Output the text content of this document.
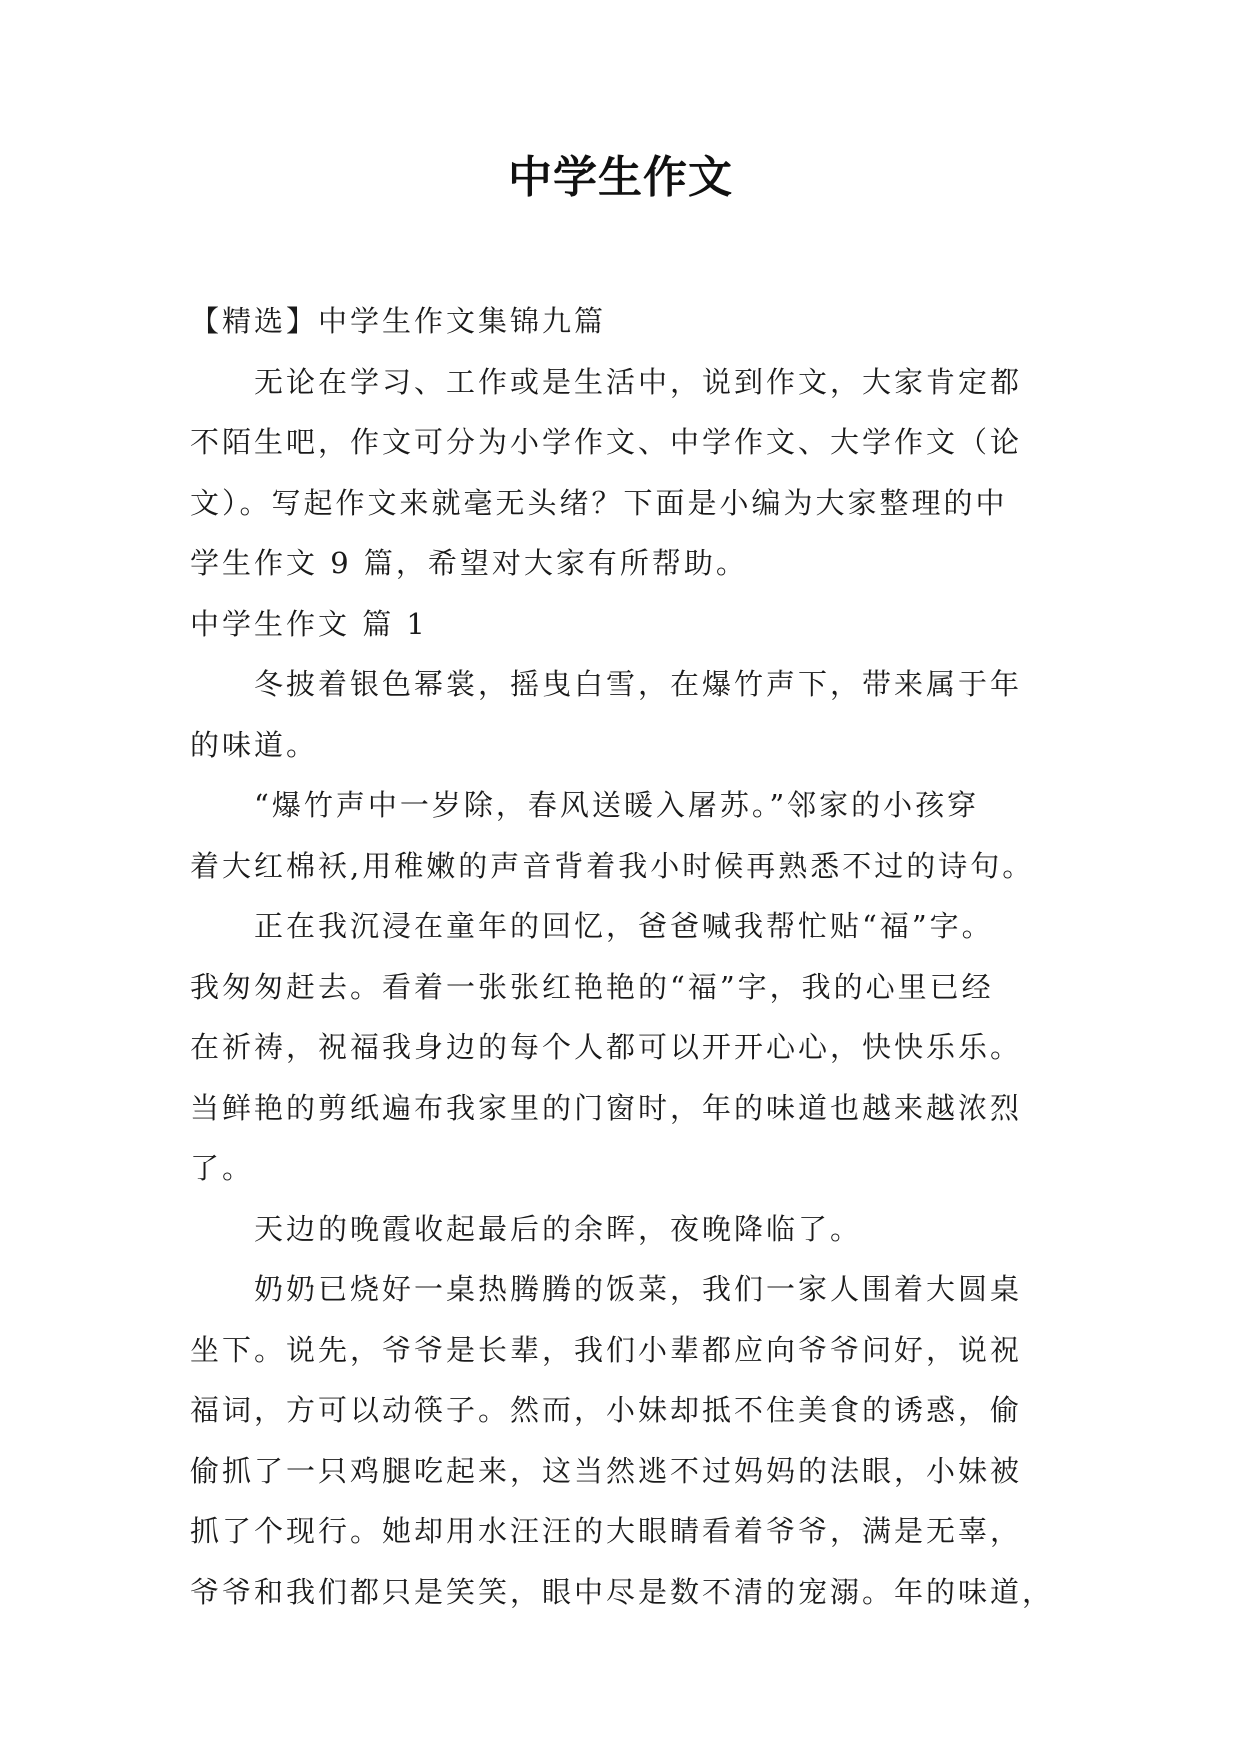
中学生作文
【精选】中学生作文集锦九篇
无论在学习、工作或是生活中，说到作文，大家肯定都
不陌生吧，作文可分为小学作文、中学作文、大学作文（论
文）。写起作文来就毫无头绪？下面是小编为大家整理的中
学生作文 9 篇，希望对大家有所帮助。
中学生作文 篇 1
冬披着银色幂裳，摇曳白雪，在爆竹声下，带来属于年
的味道。
“爆竹声中一岁除，春风送暖入屠苏。”邻家的小孩穿
着大红棉袄,用稚嫩的声音背着我小时候再熟悉不过的诗句。
正在我沉浸在童年的回忆，爸爸喊我帮忙贴“福”字。
我匆匆赶去。看着一张张红艳艳的“福”字，我的心里已经
在祈祷，祝福我身边的每个人都可以开开心心，快快乐乐。
当鲜艳的剪纸遍布我家里的门窗时，年的味道也越来越浓烈
了。
天边的晚霞收起最后的余晖，夜晚降临了。
奶奶已烧好一桌热腾腾的饭菜，我们一家人围着大圆桌
坐下。说先，爷爷是长辈，我们小辈都应向爷爷问好，说祝
福词，方可以动筷子。然而，小妹却抵不住美食的诱惑，偷
偷抓了一只鸡腿吃起来，这当然逃不过妈妈的法眼，小妹被
抓了个现行。她却用水汪汪的大眼睛看着爷爷，满是无辜，
爷爷和我们都只是笑笑，眼中尽是数不清的宠溺。年的味道，
